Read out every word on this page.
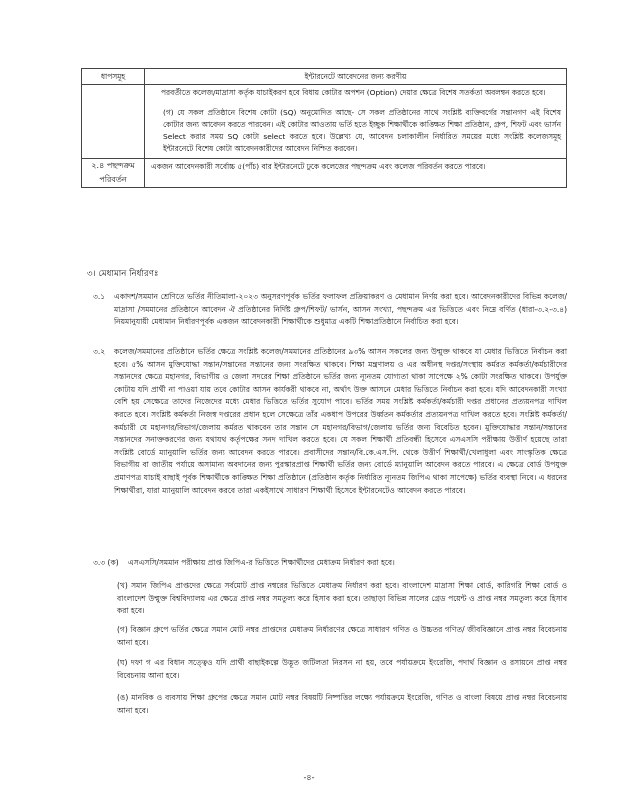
ধাপসমূহ	ইন্টারনেটে আবেদনের জন্য করণীয়

	পরবর্তীতে কলেজ/মাদ্রাসা কর্তৃক যাচাইকরণ হবে বিধায় কোটার অপশন (Option) দেয়ার ক্ষেত্রে বিশেষ সতর্কতা অবলম্বন করতে হবে।

(গ) যে সকল প্রতিষ্ঠানে বিশেষ কোটা (SQ) অনুমোদিত আছে- সে সকল প্রতিষ্ঠানের সাথে সংশ্লিষ্ট ব্যক্তিবর্গের সন্তানগণ এই বিশেষ কোটার জন্য আবেদন করতে পারবেন। এই কোটার আওতায় ভর্তি হতে ইচ্ছুক শিক্ষার্থীকে কাঙ্ক্ষিত শিক্ষা প্রতিষ্ঠান, গ্রুপ, শিফট এবং ভার্সন Select করার সময় SQ কোটা select করতে হবে। উল্লেখ্য যে, আবেদন চলাকালীন নির্ধারিত সময়ের মধ্যে সংশ্লিষ্ট কলেজসমূহ ইন্টারনেটে বিশেষ কোটা আবেদনকারীদের আবেদন নিশ্চিত করবেন।

২.৪ পছন্দক্রম
পরিবর্তন	একজন আবেদনকারী সর্বোচ্চ ৫(পাঁচ) বার ইন্টারনেটে ঢুকে কলেজের পছন্দক্রম এবং কলেজ পরিবর্তন করতে পারবে।

৩। মেধামান নির্ধারণঃ
৩.১ একাদশ/সমমান শ্রেণিতে ভর্তির নীতিমালা-২০২৩ অনুসরণপূর্বক ভর্তির ফলাফল প্রক্রিয়াকরণ ও মেধামান নির্ণয় করা হবে। আবেদনকারীদের বিভিন্ন কলেজ/মাদ্রাসা /সমমানের প্রতিষ্ঠানে আবেদন ঐ প্রতিষ্ঠানের নির্দিষ্ট গ্রুপ/শিফট/ ভার্সন, আসন সংখ্যা, পছন্দক্রম এর ভিত্তিতে এবং নিম্নে বর্ণিত (ধারা-৩.২-৩.৪) নিয়মানুযায়ী মেধামান নির্ধারণপূর্বক একজন আবেদনকারী শিক্ষার্থীকে শুধুমাত্র একটি শিক্ষাপ্রতিষ্ঠানে নির্বাচিত করা হবে।
৩.২ কলেজ/সমমানের প্রতিষ্ঠানে ভর্তির ক্ষেত্রে সংশ্লিষ্ট কলেজ/সমমানের প্রতিষ্ঠানের ৯৩% আসন সকলের জন্য উন্মুক্ত থাকবে যা মেধার ভিত্তিতে নির্বাচন করা হবে। ৫% আসন মুক্তিযোদ্ধা সন্তান/সন্তানের সন্তানের জন্য সংরক্ষিত থাকবে। শিক্ষা মন্ত্রণালয় ও এর অধীনস্থ দপ্তর/সংস্থায় কর্মরত কর্মকর্তা/কর্মচারীদের সন্তানদের ক্ষেত্রে মহানগর, বিভাগীয় ও জেলা সদরের শিক্ষা প্রতিষ্ঠানে ভর্তির জন্য ন্যূনতম যোগ্যতা থাকা সাপেক্ষে ২% কোটা সংরক্ষিত থাকবে। উপর্যুক্ত কোটায় যদি প্রার্থী না পাওয়া যায় তবে কোটার আসন কার্যকরী থাকবে না, অর্থাৎ উক্ত আসনে মেধার ভিত্তিতে নির্বাচন করা হবে। যদি আবেদনকারী সংখ্যা বেশি হয় সেক্ষেত্রে তাদের নিজেদের মধ্যে মেধার ভিত্তিতে ভর্তির সুযোগ পাবে। ভর্তির সময় সংশ্লিষ্ট কর্মকর্তা/কর্মচারী দপ্তর প্রধানের প্রত্যয়নপত্র দাখিল করতে হবে। সংশ্লিষ্ট কর্মকর্তা নিজস্ব দপ্তরের প্রধান হলে সেক্ষেত্রে তাঁর একধাপ উপরের উর্ধ্বতন কর্মকর্তার প্রত্যয়নপত্র দাখিল করতে হবে। সংশ্লিষ্ট কর্মকর্তা/কর্মচারী যে মহানগর/বিভাগ/জেলায় কর্মরত থাকবেন তার সন্তান সে মহানগর/বিভাগ/জেলায় ভর্তির জন্য বিবেচিত হবেন। মুক্তিযোদ্ধার সন্তান/সন্তানের সন্তানদের সনাক্তকরণের জন্য যথাযথ কর্তৃপক্ষের সনদ দাখিল করতে হবে। যে সকল শিক্ষার্থী প্রতিবন্ধী হিসেবে এসএসসি পরীক্ষায় উত্তীর্ণ হয়েছে তারা সংশ্লিষ্ট বোর্ডে ম্যানুয়ালি ভর্তির জন্য আবেদন করতে পারবে। প্রবাসীদের সন্তান/বি.কে.এস.পি. থেকে উত্তীর্ণ শিক্ষার্থী/খেলাধুলা এবং সাংস্কৃতিক ক্ষেত্রে বিভাগীয় বা জাতীয় পর্যায়ে অসামান্য অবদানের জন্য পুরস্কারপ্রাপ্ত শিক্ষার্থী ভর্তির জন্য বোর্ডে ম্যানুয়ালি আবেদন করতে পারবে। এ ক্ষেত্রে বোর্ড উপযুক্ত প্রমাণপত্র যাচাই বাছাই পূর্বক শিক্ষার্থীকে কাঙ্ক্ষিত শিক্ষা প্রতিষ্ঠানে (প্রতিষ্ঠান কর্তৃক নির্ধারিত ন্যূনতম জিপিএ থাকা সাপেক্ষে) ভর্তির ব্যবস্থা নিবে। এ ধরনের শিক্ষার্থীরা, যারা ম্যানুয়ালি আবেদন করবে তারা একইসাথে সাধারণ শিক্ষার্থী হিসেবে ইন্টারনেটেও আবেদন করতে পারবে।
৩.৩ (ক) এসএসসি/সমমান পরীক্ষায় প্রাপ্ত জিপিএ-র ভিত্তিতে শিক্ষার্থীদের মেধাক্রম নির্ধারণ করা হবে।
(খ) সমান জিপিএ প্রাপ্তদের ক্ষেত্রে সর্বমোট প্রাপ্ত নম্বরের ভিত্তিতে মেধাক্রম নির্ধারণ করা হবে। বাংলাদেশ মাদ্রাসা শিক্ষা বোর্ড, কারিগরি শিক্ষা বোর্ড ও বাংলাদেশ উন্মুক্ত বিশ্ববিদ্যালয় এর ক্ষেত্রে প্রাপ্ত নম্বর সমতুল্য করে হিসাব করা হবে। তাছাড়া বিভিন্ন সালের গ্রেড পয়েন্ট ও প্রাপ্ত নম্বর সমতুল্য করে হিসাব করা হবে।
(গ) বিজ্ঞান গ্রুপে ভর্তির ক্ষেত্রে সমান মোট নম্বর প্রাপ্তদের মেধাক্রম নির্ধারণের ক্ষেত্রে সাধারণ গণিত ও উচ্চতর গণিত/ জীববিজ্ঞানে প্রাপ্ত নম্বর বিবেচনায় আনা হবে।
(ঘ) দফা গ এর বিধান সত্ত্বেও যদি প্রার্থী বাছাইকল্পে উদ্ভূত জটিলতা নিরসন না হয়, তবে পর্যায়ক্রমে ইংরেজি, পদার্থ বিজ্ঞান ও রসায়নে প্রাপ্ত নম্বর বিবেচনায় আনা হবে।
(ঙ) মানবিক ও ব্যবসায় শিক্ষা গ্রুপের ক্ষেত্রে সমান মোট নম্বর বিষয়টি নিষ্পত্তির লক্ষ্যে পর্যায়ক্রমে ইংরেজি, গণিত ও বাংলা বিষয়ে প্রাপ্ত নম্বর বিবেচনায় আনা হবে।
-৪-
